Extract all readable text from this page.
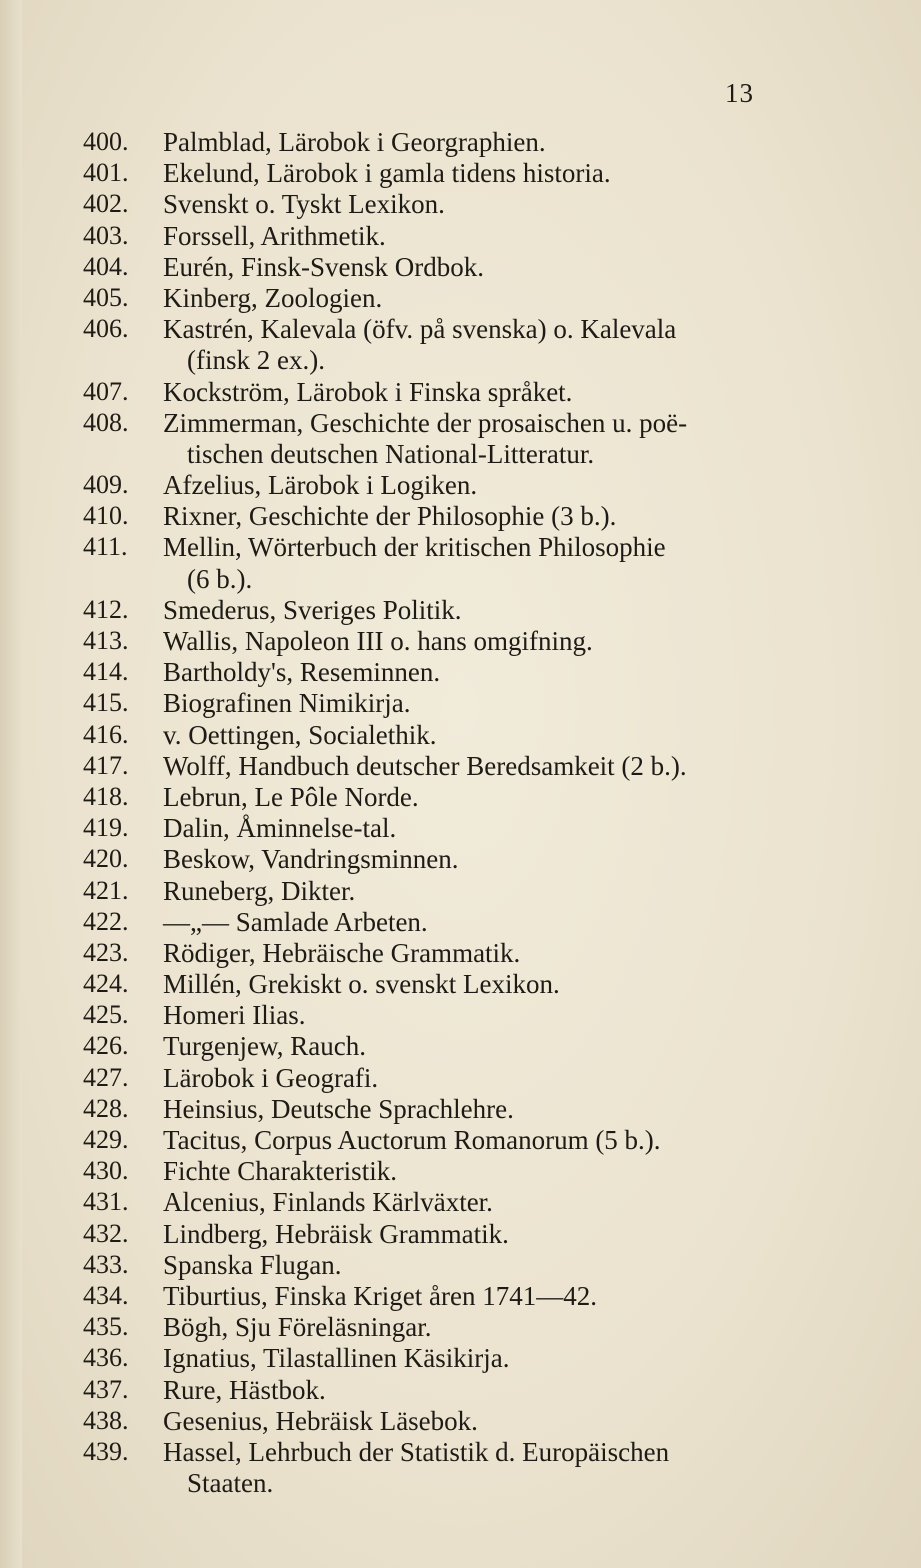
13
400.	Palmblad, Lärobok i Georgraphien.
401.	Ekelund, Lärobok i gamla tidens historia.
402.	Svenskt o. Tyskt Lexikon.
403.	Forssell, Arithmetik.
404.	Eurén, Finsk-Svensk Ordbok.
405.	Kinberg, Zoologien.
406.	Kastrén, Kalevala (öfv. på svenska) o. Kalevala
(finsk 2 ex.).
407.	Kockström, Lärobok i Finska språket.
408.	Zimmerman, Geschichte der prosaischen u. poë-
tischen deutschen National-Litteratur.
409.	Afzelius, Lärobok i Logiken.
410.	Rixner, Geschichte der Philosophie (3 b.).
411.	Mellin, Wörterbuch der kritischen Philosophie
(6 b.).
412.	Smederus, Sveriges Politik.
413.	Wallis, Napoleon III o. hans omgifning.
414.	Bartholdy's, Reseminnen.
415.	Biografinen Nimikirja.
416.	v. Oettingen, Socialethik.
417.	Wolff, Handbuch deutscher Beredsamkeit (2 b.).
418.	Lebrun, Le Pôle Norde.
419.	Dalin, Åminnelse-tal.
420.	Beskow, Vandringsminnen.
421.	Runeberg, Dikter.
422.	—„— Samlade Arbeten.
423.	Rödiger, Hebräische Grammatik.
424.	Millén, Grekiskt o. svenskt Lexikon.
425.	Homeri Ilias.
426.	Turgenjew, Rauch.
427.	Lärobok i Geografi.
428.	Heinsius, Deutsche Sprachlehre.
429.	Tacitus, Corpus Auctorum Romanorum (5 b.).
430.	Fichte Charakteristik.
431.	Alcenius, Finlands Kärlväxter.
432.	Lindberg, Hebräisk Grammatik.
433.	Spanska Flugan.
434.	Tiburtius, Finska Kriget åren 1741—42.
435.	Bögh, Sju Föreläsningar.
436.	Ignatius, Tilastallinen Käsikirja.
437.	Rure, Hästbok.
438.	Gesenius, Hebräisk Läsebok.
439.	Hassel, Lehrbuch der Statistik d. Europäischen
Staaten.
